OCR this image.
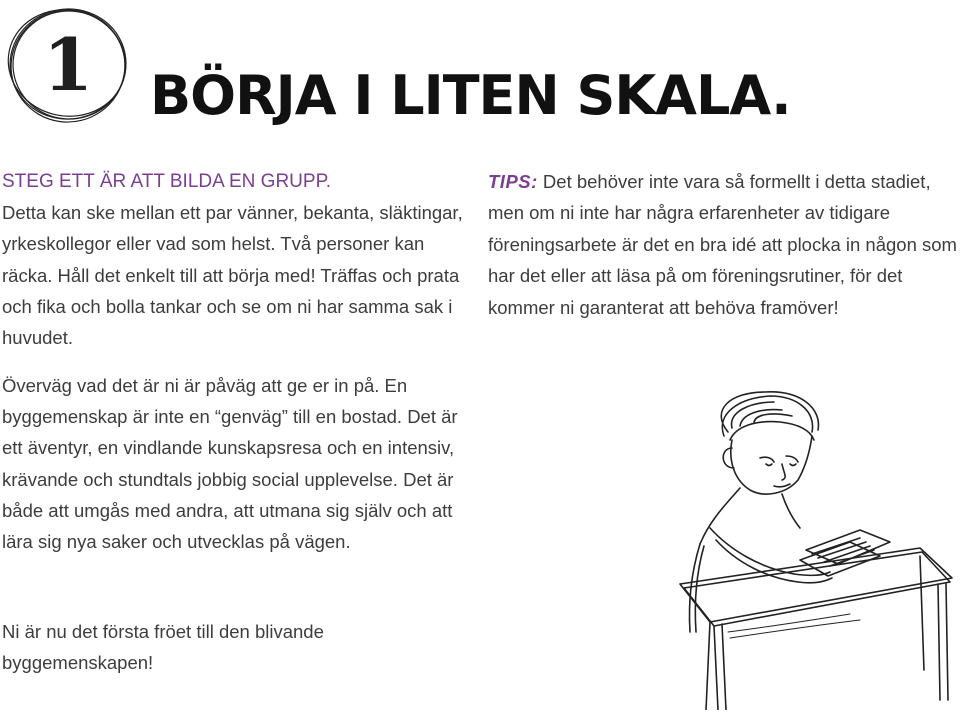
1 BÖRJA I LITEN SKALA.

STEG ETT ÄR ATT BILDA EN GRUPP.

Detta kan ske mellan ett par vänner, bekanta, släktingar, yrkeskollegor eller vad som helst. Två personer kan räcka. Håll det enkelt till att börja med! Träffas och prata och fika och bolla tankar och se om ni har samma sak i huvudet.

TIPS: Det behöver inte vara så formellt i detta stadiet, men om ni inte har några erfarenheter av tidigare föreningsarbete är det en bra idé att plocka in någon som har det eller att läsa på om föreningsrutiner, för det kommer ni garanterat att behöva framöver!

Överväg vad det är ni är påväg att ge er in på. En byggemenskap är inte en “genväg” till en bostad. Det är ett äventyr, en vindlande kunskapsresa och en intensiv, krävande och stundtals jobbig social upplevelse. Det är både att umgås med andra, att utmana sig själv och att lära sig nya saker och utvecklas på vägen.

Ni är nu det första fröet till den blivande byggemenskapen!
